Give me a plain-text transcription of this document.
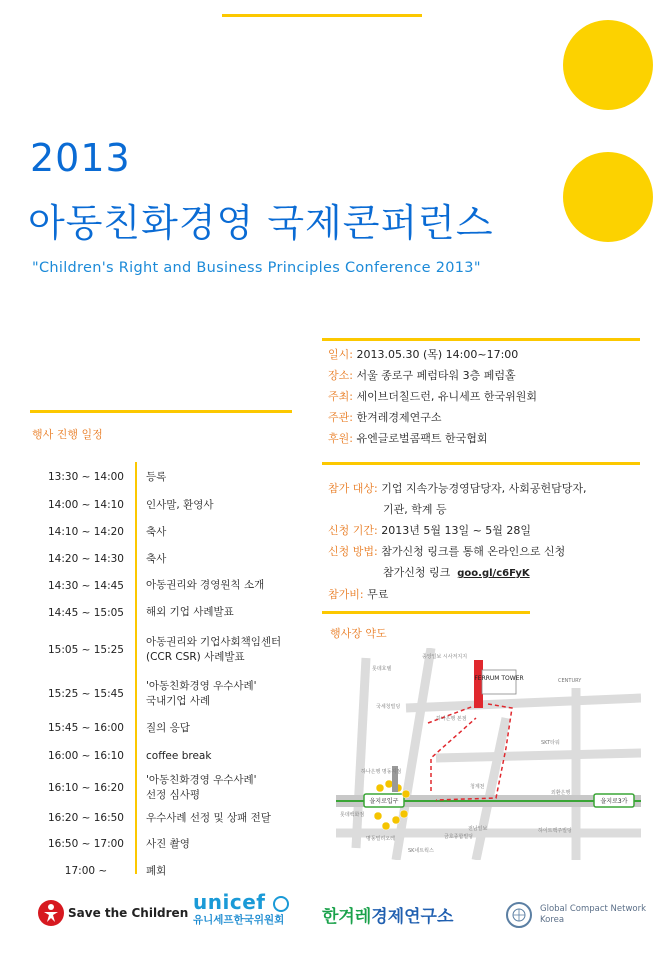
2013
아동친화경영 국제콘퍼런스
"Children's Right and Business Principles Conference 2013"
일시: 2013.05.30 (목) 14:00~17:00
장소: 서울 종로구 페럼타워 3층 페럼홀
주최: 세이브더칠드런, 유니세프 한국위원회
주관: 한겨레경제연구소
후원: 유엔글로벌콤팩트 한국협회
참가 대상: 기업 지속가능경영담당자, 사회공헌담당자,
기관, 학계 등
신청 기간: 2013년 5월 13일 ~ 5월 28일
신청 방법: 참가신청 링크를 통해 온라인으로 신청
참가신청 링크 goo.gl/c6FyK
참가비: 무료
행사장 약도
행사 진행 일정
13:30 ~ 14:00	등록
14:00 ~ 14:10	인사말, 환영사
14:10 ~ 14:20	축사
14:20 ~ 14:30	축사
14:30 ~ 14:45	아동권리와 경영원칙 소개
14:45 ~ 15:05	해외 기업 사례발표
15:05 ~ 15:25
아동권리와 기업사회책임센터
(CCR CSR) 사례발표
15:25 ~ 15:45
'아동친화경영 우수사례'
국내기업 사례
15:45 ~ 16:00	질의 응답
16:00 ~ 16:10	coffee break
16:10 ~ 16:20
'아동친화경영 우수사례'
선정 심사평
16:20 ~ 16:50	우수사례 선정 및 상패 전달
16:50 ~ 17:00	사진 촬영
17:00 ~	폐회
FERRUM TOWER
을지로입구	을지로3가
종앙일보 시사저지지
롯데호텔
국세청빌딩
CENTURY
SKT타워
하나은행 본점
청계천
하나은행 명동지점
외환은행
롯데백화점
금호종합빌딩
명동밀리오레
SK네트웍스
전남일보	하이트맥주빌딩
Save the Children unicef
유니세프한국위원회 한겨레경제연구소	Global Compact Network
Korea
